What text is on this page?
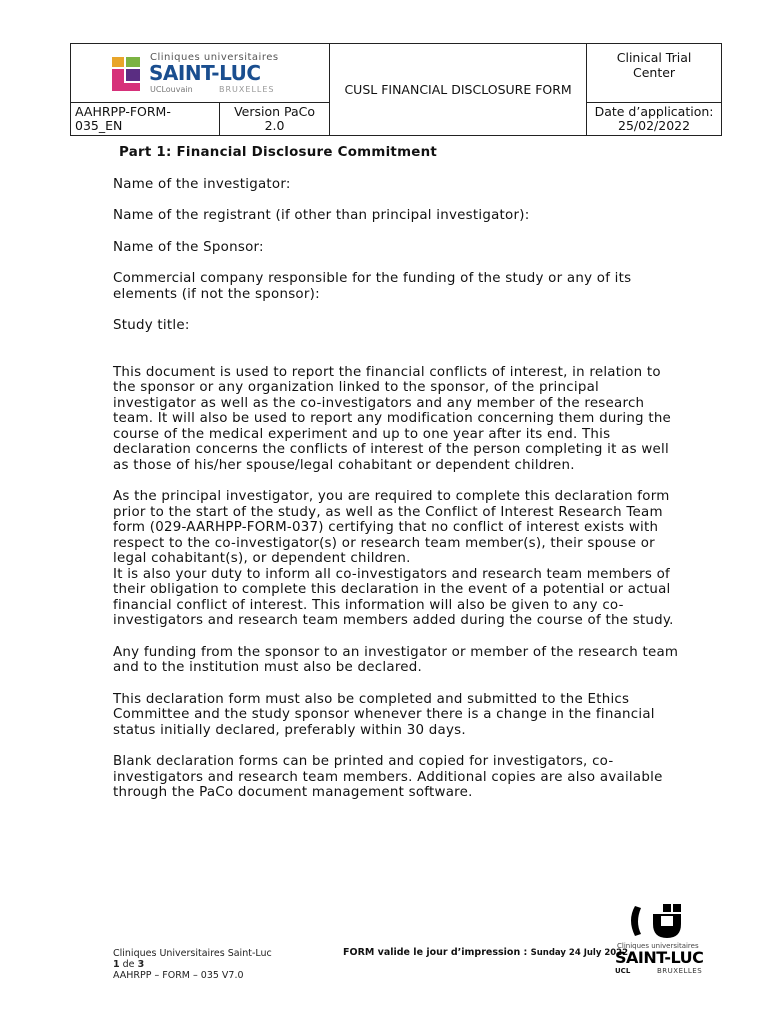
Cliniques universitaires
SAINT-LUC
UCLouvain BRUXELLES		CUSL FINANCIAL DISCLOSURE FORM	Clinical Trial Center
AAHRPP-FORM-035_EN	Version PaCo 2.0		Date d’application:
25/02/2022

Part 1: Financial Disclosure Commitment

Name of the investigator:

Name of the registrant (if other than principal investigator):

Name of the Sponsor:

Commercial company responsible for the funding of the study or any of its elements (if not the sponsor):

Study title:

This document is used to report the financial conflicts of interest, in relation to the sponsor or any organization linked to the sponsor, of the principal investigator as well as the co-investigators and any member of the research team. It will also be used to report any modification concerning them during the course of the medical experiment and up to one year after its end. This declaration concerns the conflicts of interest of the person completing it as well as those of his/her spouse/legal cohabitant or dependent children.

As the principal investigator, you are required to complete this declaration form prior to the start of the study, as well as the Conflict of Interest Research Team form (029-AARHPP-FORM-037) certifying that no conflict of interest exists with respect to the co-investigator(s) or research team member(s), their spouse or legal cohabitant(s), or dependent children.

It is also your duty to inform all co-investigators and research team members of their obligation to complete this declaration in the event of a potential or actual financial conflict of interest. This information will also be given to any co-investigators and research team members added during the course of the study.

Any funding from the sponsor to an investigator or member of the research team and to the institution must also be declared.

This declaration form must also be completed and submitted to the Ethics Committee and the study sponsor whenever there is a change in the financial status initially declared, preferably within 30 days.

Blank declaration forms can be printed and copied for investigators, co-investigators and research team members. Additional copies are also available through the PaCo document management software.

Cliniques Universitaires Saint-Luc
1 de 3
AAHRPP – FORM – 035 V7.0
FORM valide le jour d’impression : Sunday 24 July 2022
Cliniques universitaires
SAINT-LUC
UCL	BRUXELLES
